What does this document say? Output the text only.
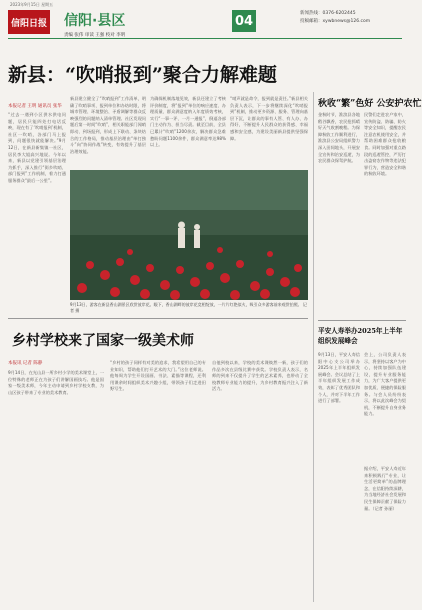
2023年9月15日 星期五
信阳日报 信阳·县区
责编 张伟 审读 王强 校对 李明
04	新闻热线：0376-6202445
投稿邮箱：xywbnews@126.com
新县：“吹哨报到”聚合力解难题
本报记者 王明 通讯员 张华
“过去一遇到小区供水供电问题，居民只能四处打电话反映，现在有了‘吹哨报到’机制，社区一吹哨，各部门马上报到，问题很快就能解决。”9月12日，在新县新集镇一社区，居民李大姐高兴地说。今年以来，新县以党建引领基层治理为抓手，深入推行“街乡吹哨、部门报到”工作机制，着力打通服务群众“最后一公里”。
新县建立健全了“吹哨报到”工作清单，明确了吹哨事项、报到单位和办结时限，将城市管理、环境整治、矛盾调解等群众反映强烈的问题纳入清单管理。社区发现问题后第一时间“吹哨”，相关职能部门闻哨即动、到场报到，形成上下联动、条块结合的工作格局，推动基层治理由“单打独斗”向“协同作战”转变，有效提升了基层治理效能。
为确保机制落地见效，新县还建立了考核评价制度，将“报到”单位的响应速度、办理质量、群众满意度纳入年度绩效考核，实行“一事一评、一月一通报”，倒逼各部门主动作为、担当尽责。截至目前，全县已累计“吹哨”1200余次，解决群众急难愁盼问题1100余件，群众满意率达98%以上。
“哨声就是命令，报到就是责任。”新县相关负责人表示，下一步将继续深化“吹哨报到”机制，推动更多资源、服务、管理向基层下沉，让群众的事有人管、有人办、办得好，不断提升人民群众的获得感、幸福感和安全感，为建设美丽新县提供坚强保障。
9月13日，游客在新县香山湖景区欣赏彼岸花。眼下，香山湖畔的彼岸花竞相绽放，一片片红艳似火，吸引众多游客前来观赏拍照。 记者 摄
乡村学校来了国家一级美术师
本报讯 记者 陈静
9月14日，在光山县一所乡村小学的美术课堂上，一位特殊的老师正在为孩子们讲解国画技巧。他是国家一级美术师，今年主动申请到乡村学校支教，为山区孩子带来了专业的美术教育。
“乡村的孩子同样有对美的追求，我希望用自己的专业知识，帮助他们打开艺术的大门。”这位老师说。他每周为学生开设国画、书法、素描等课程，还利用课余时间组织美术兴趣小组，带领孩子们走进田野写生。
自他到校以来，学校的美术课焕然一新，孩子们的作品多次在县级比赛中获奖。学校负责人表示，名师的到来不仅提升了学生的艺术素养，也带动了全校教师专业能力的提升，为乡村教育振兴注入了新活力。
秋收“繁”色好 公安护农忙
金秋时节，淮滨县各地稻谷飘香，农民抢抓晴好天气收割晚稻。为保障秋收工作顺利进行，淮滨县公安局组织警力深入田间地头，开展安全宣传和治安巡逻，为农民群众保驾护航。
民警们走进农户家中，宣传防盗、防骗、防火等安全知识，提醒农民注意农机使用安全，并帮助困难群众抢收粮食。同时加强对重点路段的巡逻管控，严厉打击盗窃农作物等违法犯罪行为，营造安全和谐的秋收环境。
平安人寿举办2025年上半年组织发展峰会
9月13日，平安人寿信阳中心支公司举办2025年上半年组织发展峰会。会议总结了上半年组织发展工作成效，表彰了优秀团队和个人，并对下半年工作进行了部署。
会上，公司负责人表示，将坚持以客户为中心，持续加强队伍建设，提升专业服务能力，为广大客户提供更加优质、便捷的保险服务。与会人员纷纷表示，将以此次峰会为契机，不断提升自身业务能力。
据介绍，平安人寿近年来积极践行“专业，让生活更简单”的品牌理念，在信阳持续深耕，为当地经济社会发展和民生保障贡献了保险力量。（记者 孙丽）
